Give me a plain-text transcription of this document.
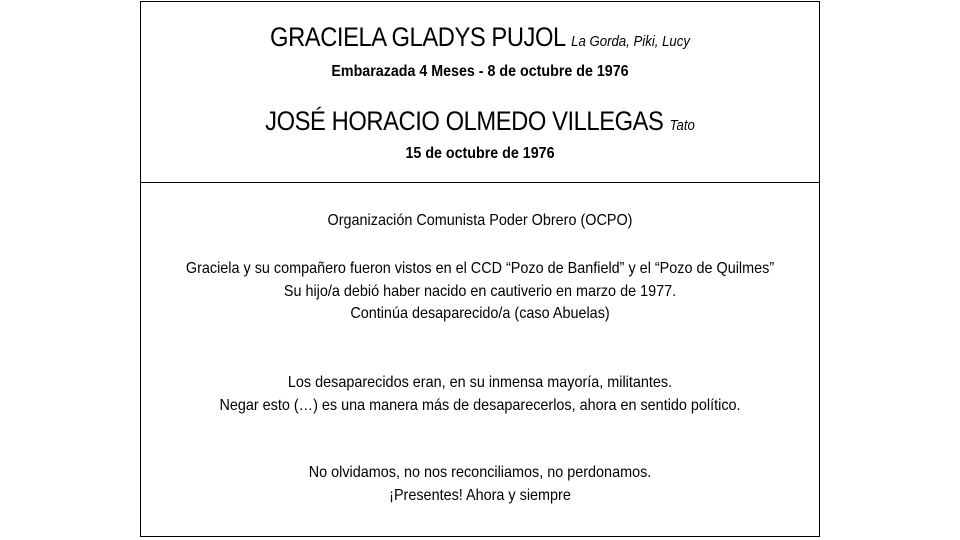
GRACIELA GLADYS PUJOL La Gorda, Piki, Lucy
Embarazada 4 Meses - 8 de octubre de 1976
JOSÉ HORACIO OLMEDO VILLEGAS Tato
15 de octubre de 1976
Organización Comunista Poder Obrero (OCPO)
Graciela y su compañero fueron vistos en el CCD “Pozo de Banfield” y el “Pozo de Quilmes”
Su hijo/a debió haber nacido en cautiverio en marzo de 1977.
Continúa desaparecido/a (caso Abuelas)
Los desaparecidos eran, en su inmensa mayoría, militantes.
Negar esto (…) es una manera más de desaparecerlos, ahora en sentido político.
No olvidamos, no nos reconciliamos, no perdonamos.
¡Presentes! Ahora y siempre
